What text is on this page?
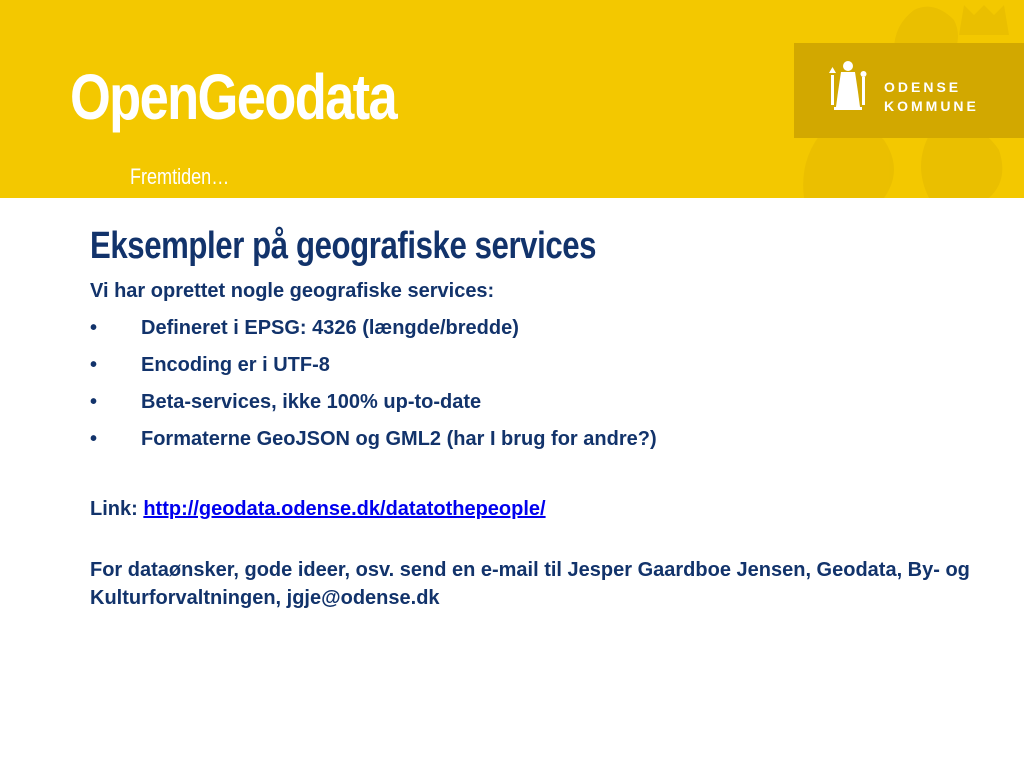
OpenGeodata
Fremtiden…
ODENSE
KOMMUNE
Eksempler på geografiske services
Vi har oprettet nogle geografiske services:
• Defineret i EPSG: 4326 (længde/bredde)
• Encoding er i UTF-8
• Beta-services, ikke 100% up-to-date
• Formaterne GeoJSON og GML2 (har I brug for andre?)
Link: http://geodata.odense.dk/datatothepeople/
For dataønsker, gode ideer, osv. send en e-mail til Jesper Gaardboe Jensen, Geodata, By- og Kulturforvaltningen, jgje@odense.dk
